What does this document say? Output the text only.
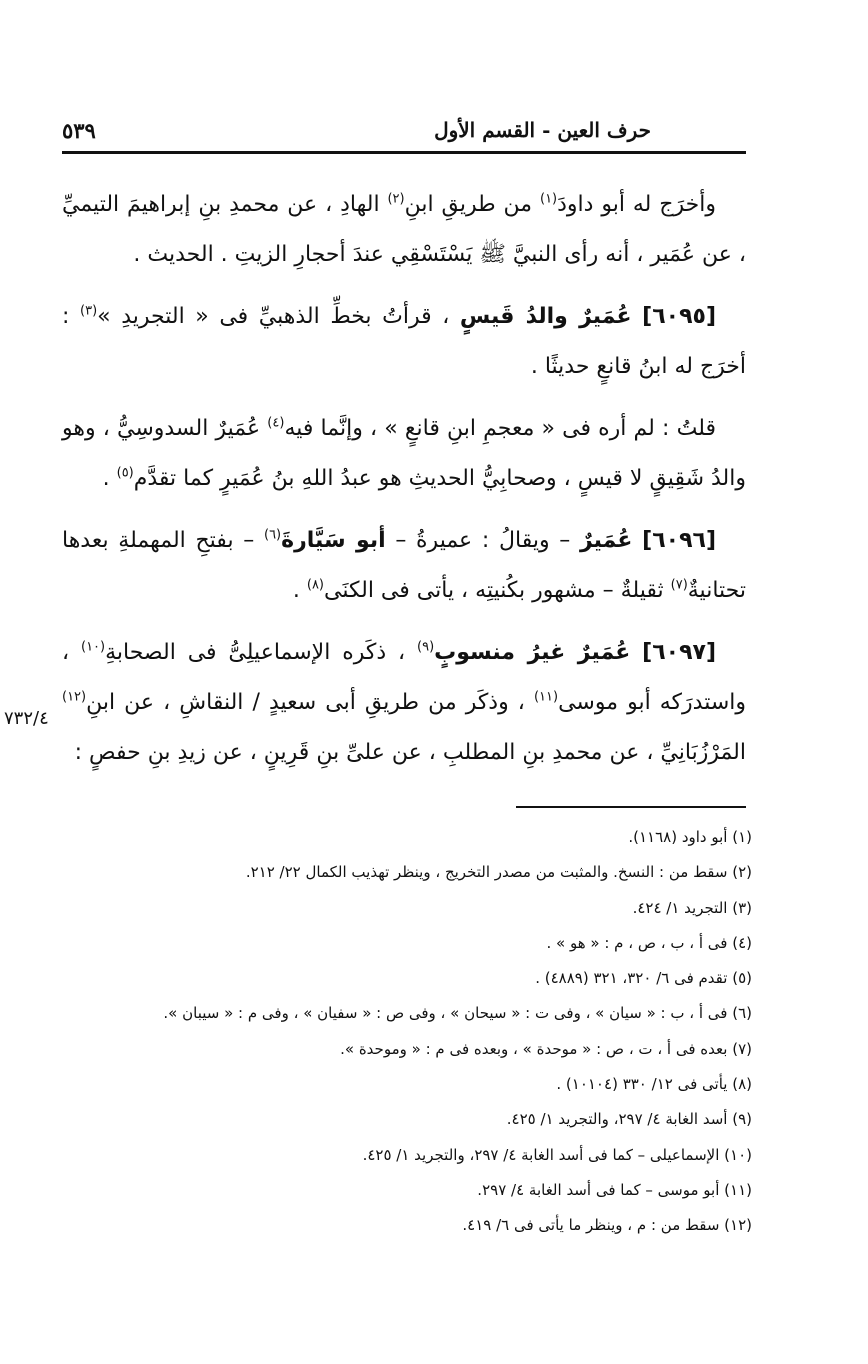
حرف العين - القسم الأول
٥٣٩

وأخرَج له أبو داودَ$^{(١)}$ من طريقِ ابنِ$^{(٢)}$ الهادِ ، عن محمدِ بنِ إبراهيمَ التيميِّ ، عن عُمَير ، أنه رأى النبيَّ ﷺ يَسْتَسْقِي عندَ أحجارِ الزيتِ . الحديث .

[٦٠٩٥] عُمَيرٌ والدُ قَيسٍ ، قرأتُ بخطِّ الذهبيِّ فى « التجريدِ »$^{(٣)}$ : أخرَج له ابنُ قانعٍ حديثًا .

قلتُ : لم أره فى « معجمِ ابنِ قانعٍ » ، وإنَّما فيه$^{(٤)}$ عُمَيرٌ السدوسِيُّ ، وهو والدُ شَقِيقٍ لا قيسٍ ، وصحابِيُّ الحديثِ هو عبدُ اللهِ بنُ عُمَيرٍ كما تقدَّم$^{(٥)}$ .

[٦٠٩٦] عُمَيرٌ – ويقالُ : عميرةُ – أبو سَيَّارةَ$^{(٦)}$ – بفتحِ المهملةِ بعدها تحتانيةٌ$^{(٧)}$ ثقيلةٌ – مشهور بكُنيتِه ، يأتى فى الكنَى$^{(٨)}$ .

[٦٠٩٧] عُمَيرٌ غيرُ منسوبٍ$^{(٩)}$ ، ذكَره الإسماعيلِىُّ فى الصحابةِ$^{(١٠)}$ ، واستدرَكه أبو موسى$^{(١١)}$ ، وذكَر من طريقِ أبى سعيدٍ / النقاشِ ، عن ابنِ$^{(١٢)}$ المَرْزُبَانِيِّ ، عن محمدِ بنِ المطلبِ ، عن علىِّ بنِ قَرِينٍ ، عن زيدِ بنِ حفصٍ :

٧٣٢/٤
(١) أبو داود (١١٦٨).
(٢) سقط من : النسخ. والمثبت من مصدر التخريج ، وينظر تهذيب الكمال ٢٢/ ٢١٢.
(٣) التجريد ١/ ٤٢٤.
(٤) فى أ ، ب ، ص ، م : « هو » .
(٥) تقدم فى ٦/ ٣٢٠، ٣٢١ (٤٨٨٩) .
(٦) فى أ ، ب : « سيان » ، وفى ت : « سيحان » ، وفى ص : « سفيان » ، وفى م : « سيبان ».
(٧) بعده فى أ ، ت ، ص : « موحدة » ، وبعده فى م : « وموحدة ».
(٨) يأتى فى ١٢/ ٣٣٠ (١٠١٠٤) .
(٩) أسد الغابة ٤/ ٢٩٧، والتجريد ١/ ٤٢٥.
(١٠) الإسماعيلى – كما فى أسد الغابة ٤/ ٢٩٧، والتجريد ١/ ٤٢٥.
(١١) أبو موسى – كما فى أسد الغابة ٤/ ٢٩٧.
(١٢) سقط من : م ، وينظر ما يأتى فى ٦/ ٤١٩.
